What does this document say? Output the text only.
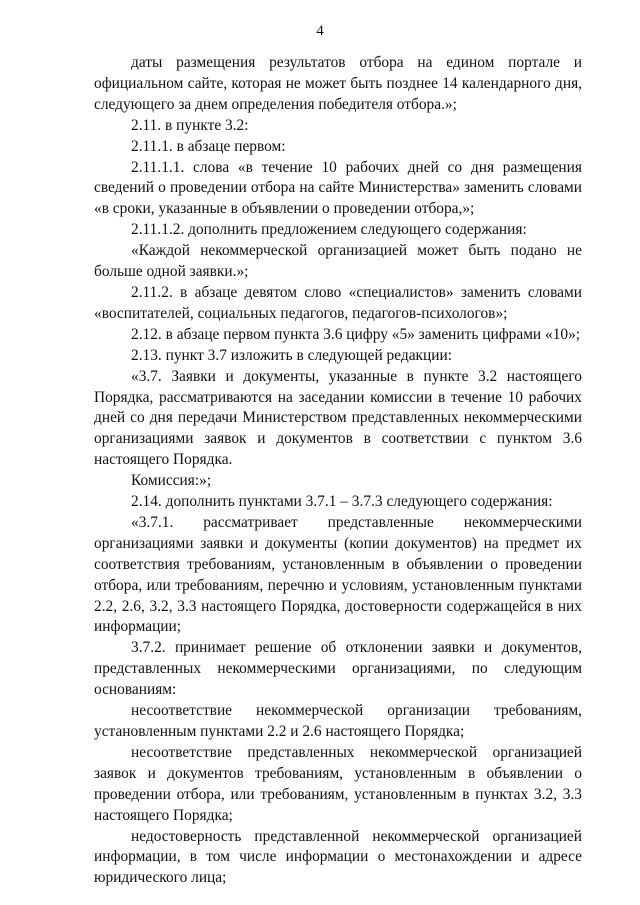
4

даты размещения результатов отбора на едином портале и официальном сайте, которая не может быть позднее 14 календарного дня, следующего за днем определения победителя отбора.»;

2.11. в пункте 3.2:

2.11.1. в абзаце первом:

2.11.1.1. слова «в течение 10 рабочих дней со дня размещения сведений о проведении отбора на сайте Министерства» заменить словами «в сроки, указанные в объявлении о проведении отбора,»;

2.11.1.2. дополнить предложением следующего содержания:

«Каждой некоммерческой организацией может быть подано не больше одной заявки.»;

2.11.2. в абзаце девятом слово «специалистов» заменить словами «воспитателей, социальных педагогов, педагогов-психологов»;

2.12. в абзаце первом пункта 3.6 цифру «5» заменить цифрами «10»;

2.13. пункт 3.7 изложить в следующей редакции:

«3.7. Заявки и документы, указанные в пункте 3.2 настоящего Порядка, рассматриваются на заседании комиссии в течение 10 рабочих дней со дня передачи Министерством представленных некоммерческими организациями заявок и документов в соответствии с пунктом 3.6 настоящего Порядка.

Комиссия:»;

2.14. дополнить пунктами 3.7.1 – 3.7.3 следующего содержания:

«3.7.1. рассматривает представленные некоммерческими организациями заявки и документы (копии документов) на предмет их соответствия требованиям, установленным в объявлении о проведении отбора, или требованиям, перечню и условиям, установленным пунктами 2.2, 2.6, 3.2, 3.3 настоящего Порядка, достоверности содержащейся в них информации;

3.7.2. принимает решение об отклонении заявки и документов, представленных некоммерческими организациями, по следующим основаниям:

несоответствие некоммерческой организации требованиям, установленным пунктами 2.2 и 2.6 настоящего Порядка;

несоответствие представленных некоммерческой организацией заявок и документов требованиям, установленным в объявлении о проведении отбора, или требованиям, установленным в пунктах 3.2, 3.3 настоящего Порядка;

недостоверность представленной некоммерческой организацией информации, в том числе информации о местонахождении и адресе юридического лица;
